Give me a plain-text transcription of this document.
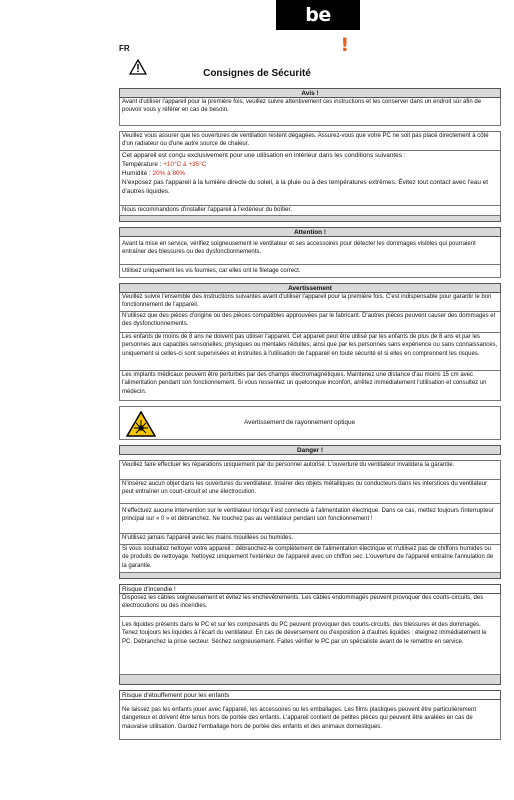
be quiet!
FR
Consignes de Sécurité
Avis !
Avant d'utiliser l'appareil pour la première fois, veuillez suivre attentivement ces instructions et les conserver dans un endroit sûr afin de pouvoir vous y référer en cas de besoin.
Veuillez vous assurer que les ouvertures de ventilation restent dégagées. Assurez-vous que votre PC ne soit pas placé directement à côté d'un radiateur ou d'une autre source de chaleur.

Cet appareil est conçu exclusivement pour une utilisation en intérieur dans les conditions suivantes :

Température : +10°C à +35°C

Humidité : 20% à 80%

N'exposez pas l'appareil à la lumière directe du soleil, à la pluie ou à des températures extrêmes. Évitez tout contact avec l'eau et d'autres liquides.

Nous recommandons d'installer l'appareil à l'extérieur du boîtier.
Attention !
Avant la mise en service, vérifiez soigneusement le ventilateur et ses accessoires pour détecter les dommages visibles qui pourraient entraîner des blessures ou des dysfonctionnements.
Utilisez uniquement les vis fournies, car elles ont le filetage correct.
Avertissement
Veuillez suivre l'ensemble des instructions suivantes avant d'utiliser l'appareil pour la première fois. C'est indispensable pour garantir le bon fonctionnement de l'appareil.
N'utilisez que des pièces d'origine ou des pièces compatibles approuvées par le fabricant. D'autres pièces peuvent causer des dommages et des dysfonctionnements.
Les enfants de moins de 8 ans ne doivent pas utiliser l'appareil. Cet appareil peut être utilisé par les enfants de plus de 8 ans et par les personnes aux capacités sensorielles, physiques ou mentales réduites, ainsi que par les personnes sans expérience ou sans connaissances, uniquement si celles-ci sont supervisées et instruites à l'utilisation de l'appareil en toute sécurité et si elles en comprennent les risques.
Les implants médicaux peuvent être perturbés par des champs électromagnétiques. Maintenez une distance d'au moins 15 cm avec l'alimentation pendant son fonctionnement. Si vous ressentez un quelconque inconfort, arrêtez immédiatement l'utilisation et consultez un médecin.
Avertissement de rayonnement optique
Danger !
Veuillez faire effectuer les réparations uniquement par du personnel autorisé. L'ouverture du ventilateur invalidera la garantie.
N'insérez aucun objet dans les ouvertures du ventilateur. Insérer des objets métalliques ou conducteurs dans les interstices du ventilateur peut entraîner un court-circuit et une électrocution.
N'effectuez aucune intervention sur le ventilateur lorsqu'il est connecté à l'alimentation électrique. Dans ce cas, mettez toujours l'interrupteur principal sur « 0 » et débranchez. Ne touchez pas au ventilateur pendant son fonctionnement !
N'utilisez jamais l'appareil avec les mains mouillées ou humides.
Si vous souhaitez nettoyer votre appareil : débranchez-le complètement de l'alimentation électrique et n'utilisez pas de chiffons humides ou de produits de nettoyage. Nettoyez uniquement l'extérieur de l'appareil avec un chiffon sec. L'ouverture de l'appareil entraîne l'annulation de la garantie.
Risque d'incendie !
Disposez les câbles soigneusement et évitez les enchevêtrements. Les câbles endommagés peuvent provoquer des courts-circuits, des électrocutions ou des incendies.
Les liquides présents dans le PC et sur les composants du PC peuvent provoquer des courts-circuits, des blessures et des dommages. Tenez toujours les liquides à l'écart du ventilateur. En cas de déversement ou d'exposition à d'autres liquides : éteignez immédiatement le PC. Débranchez la prise secteur. Séchez soigneusement. Faites vérifier le PC par un spécialiste avant de le remettre en service.
Risque d'étouffement pour les enfants
Ne laissez pas les enfants jouer avec l'appareil, les accessoires ou les emballages. Les films plastiques peuvent être particulièrement dangereux et doivent être tenus hors de portée des enfants. L'appareil contient de petites pièces qui peuvent être avalées en cas de mauvaise utilisation. Gardez l'emballage hors de portée des enfants et des animaux domestiques.
